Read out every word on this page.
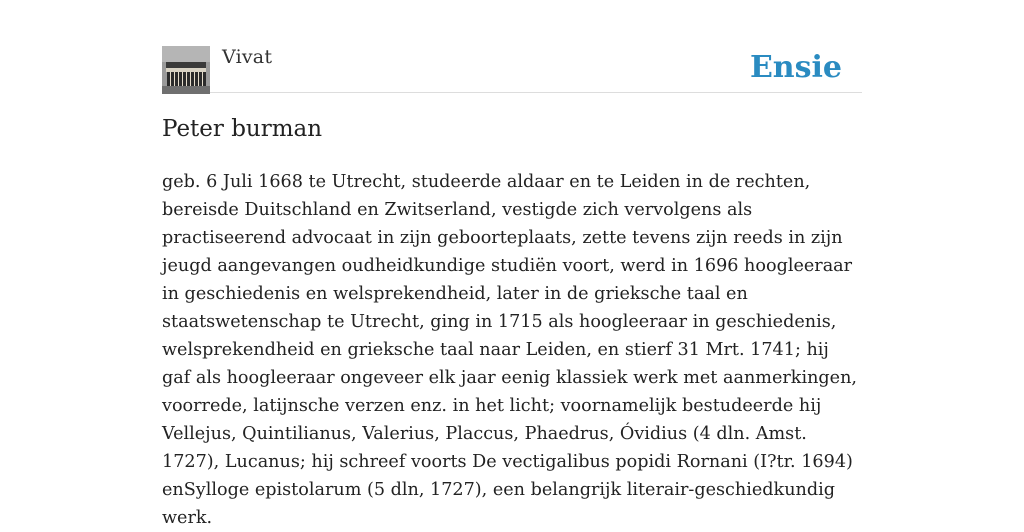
Vivat	Ensie
Peter burman

geb. 6 Juli 1668 te Utrecht, studeerde aldaar en te Leiden in de rechten, bereisde Duitschland en Zwitserland, vestigde zich vervolgens als practiseerend advocaat in zijn geboorteplaats, zette tevens zijn reeds in zijn jeugd aangevangen oudheidkundige studiën voort, werd in 1696 hoogleeraar in geschiedenis en welsprekendheid, later in de grieksche taal en staatswetenschap te Utrecht, ging in 1715 als hoogleeraar in geschiedenis, welsprekendheid en grieksche taal naar Leiden, en stierf 31 Mrt. 1741; hij gaf als hoogleeraar ongeveer elk jaar eenig klassiek werk met aanmerkingen, voorrede, latijnsche verzen enz. in het licht; voornamelijk bestudeerde hij Vellejus, Quintilianus, Valerius, Placcus, Phaedrus, Óvidius (4 dln. Amst. 1727), Lucanus; hij schreef voorts De vectigalibus popidi Rornani (I?tr. 1694) enSylloge epistolarum (5 dln, 1727), een belangrijk literair-geschiedkundig werk.
